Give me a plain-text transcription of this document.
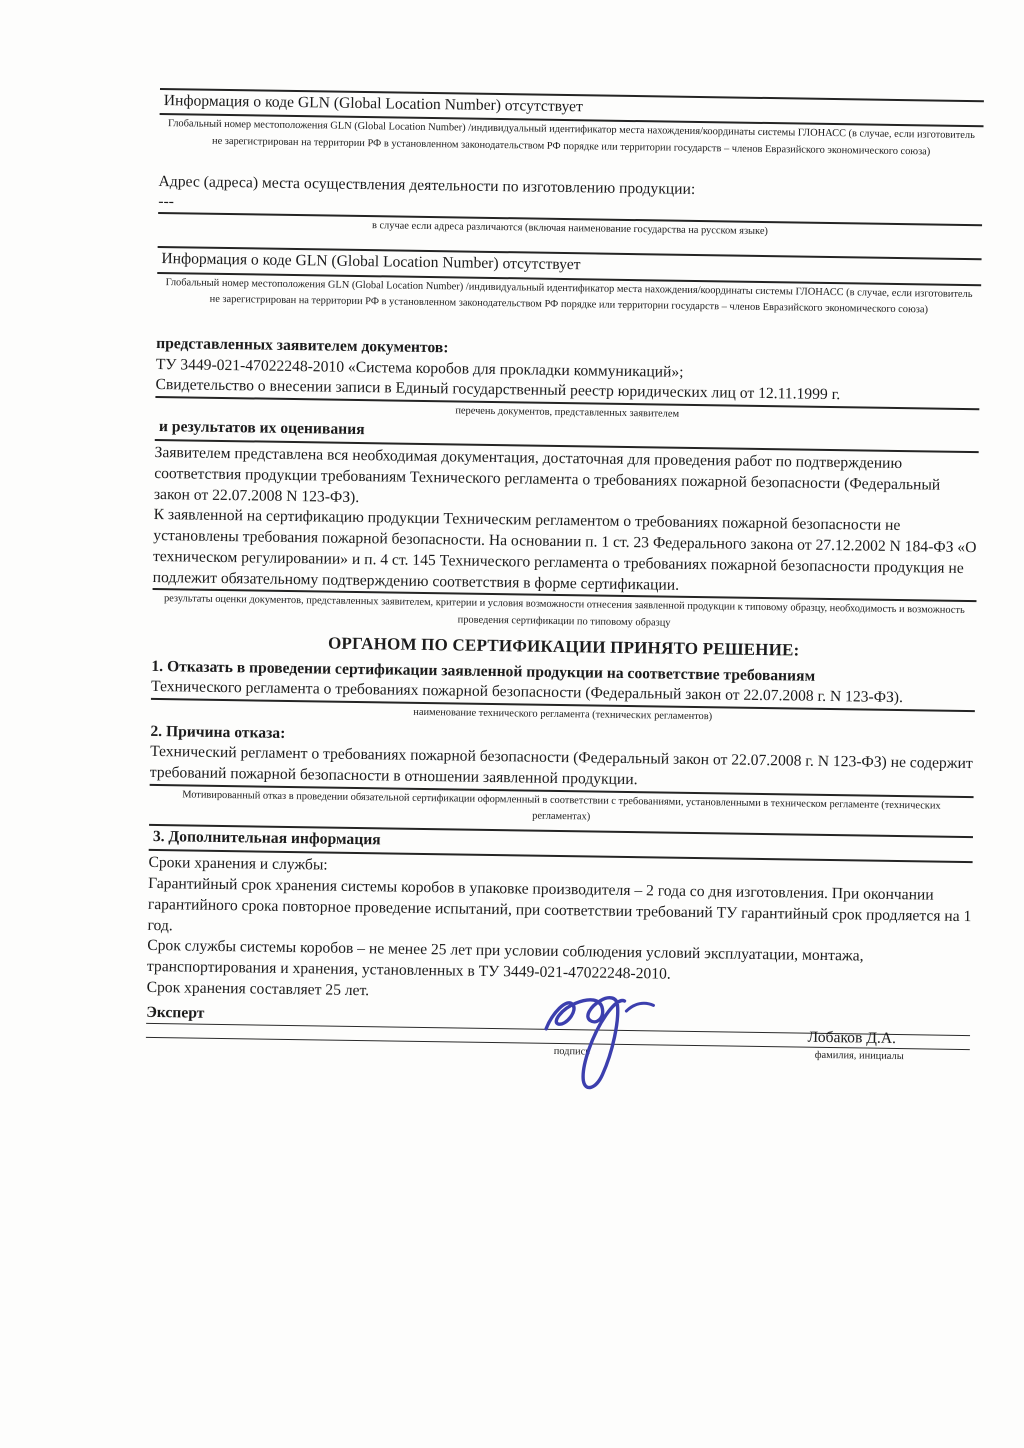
Информация о коде GLN (Global Location Number) отсутствует
Глобальный номер местоположения GLN (Global Location Number) /индивидуальный идентификатор места нахождения/координаты системы ГЛОНАСС (в случае, если изготовитель не зарегистрирован на территории РФ в установленном законодательством РФ порядке или территории государств – членов Евразийского экономического союза)
Адрес (адреса) места осуществления деятельности по изготовлению продукции:
---
в случае если адреса различаются (включая наименование государства на русском языке)
Информация о коде GLN (Global Location Number) отсутствует
Глобальный номер местоположения GLN (Global Location Number) /индивидуальный идентификатор места нахождения/координаты системы ГЛОНАСС (в случае, если изготовитель не зарегистрирован на территории РФ в установленном законодательством РФ порядке или территории государств – членов Евразийского экономического союза)
представленных заявителем документов:
ТУ 3449-021-47022248-2010 «Система коробов для прокладки коммуникаций»;
Свидетельство о внесении записи в Единый государственный реестр юридических лиц от 12.11.1999 г.
перечень документов, представленных заявителем
и результатов их оценивания
Заявителем представлена вся необходимая документация, достаточная для проведения работ по подтверждению соответствия продукции требованиям Технического регламента о требованиях пожарной безопасности (Федеральный закон от 22.07.2008 N 123-ФЗ).
К заявленной на сертификацию продукции Техническим регламентом о требованиях пожарной безопасности не установлены требования пожарной безопасности. На основании п. 1 ст. 23 Федерального закона от 27.12.2002 N 184-ФЗ «О техническом регулировании» и п. 4 ст. 145 Технического регламента о требованиях пожарной безопасности продукция не подлежит обязательному подтверждению соответствия в форме сертификации.
результаты оценки документов, представленных заявителем, критерии и условия возможности отнесения заявленной продукции к типовому образцу, необходимость и возможность проведения сертификации по типовому образцу
ОРГАНОМ ПО СЕРТИФИКАЦИИ ПРИНЯТО РЕШЕНИЕ:
1. Отказать в проведении сертификации заявленной продукции на соответствие требованиям
Технического регламента о требованиях пожарной безопасности (Федеральный закон от 22.07.2008 г. N 123-ФЗ).
наименование технического регламента (технических регламентов)
2. Причина отказа:
Технический регламент о требованиях пожарной безопасности (Федеральный закон от 22.07.2008 г. N 123-ФЗ) не содержит требований пожарной безопасности в отношении заявленной продукции.
Мотивированный отказ в проведении обязательной сертификации оформленный в соответствии с требованиями, установленными в техническом регламенте (технических регламентах)
3. Дополнительная информация
Сроки хранения и службы:
Гарантийный срок хранения системы коробов в упаковке производителя – 2 года со дня изготовления. При окончании гарантийного срока повторное проведение испытаний, при соответствии требований ТУ гарантийный срок продляется на 1 год.
Срок службы системы коробов – не менее 25 лет при условии соблюдения условий эксплуатации, монтажа, транспортирования и хранения, установленных в ТУ 3449-021-47022248-2010.
Срок хранения составляет 25 лет.
Эксперт
Лобаков Д.А.
подпись	фамилия, инициалы
